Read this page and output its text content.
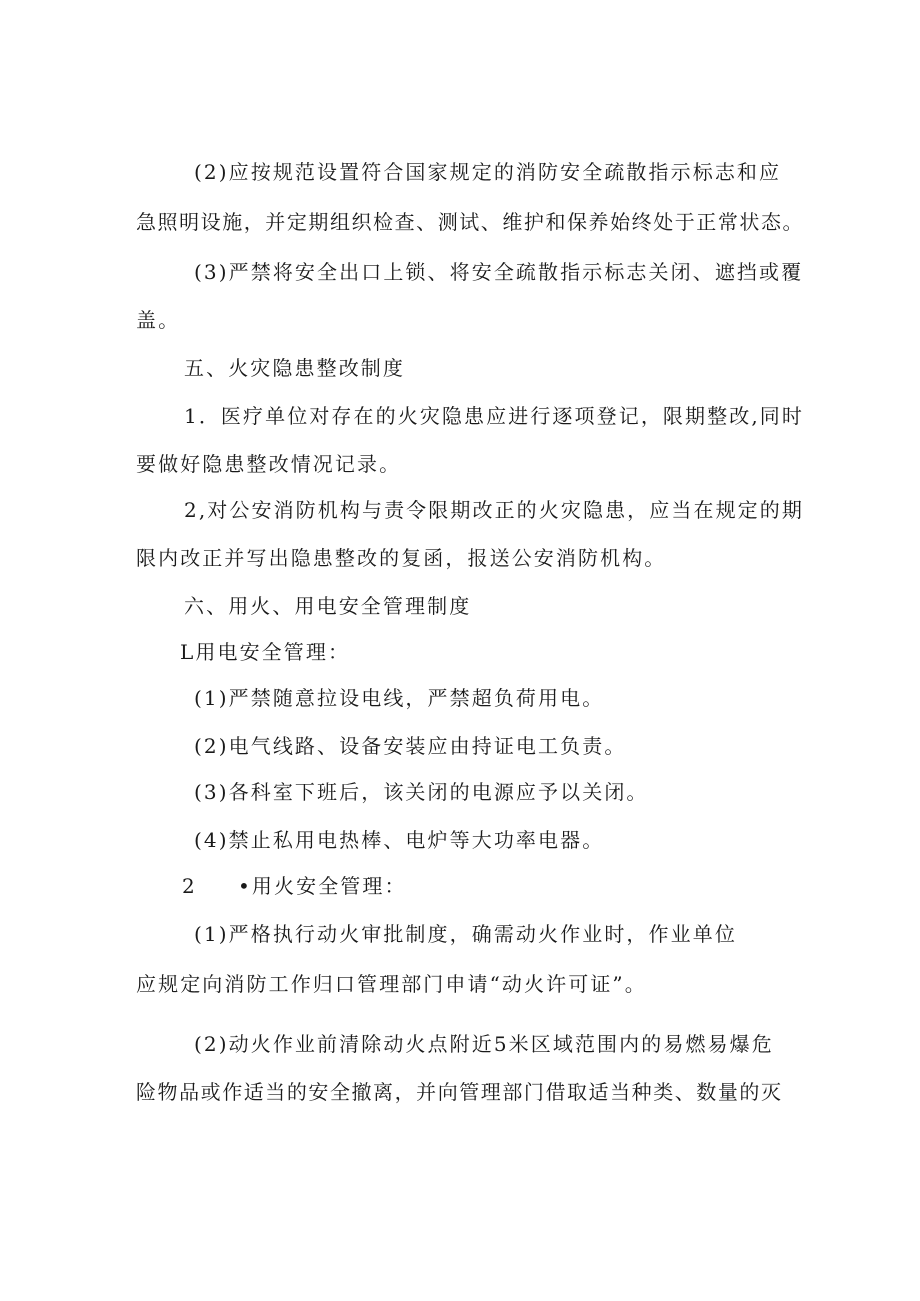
(2)应按规范设置符合国家规定的消防安全疏散指示标志和应
急照明设施，并定期组织检查、测试、维护和保养始终处于正常状态。
(3)严禁将安全出口上锁、将安全疏散指示标志关闭、遮挡或覆
盖。
五、火灾隐患整改制度
1．医疗单位对存在的火灾隐患应进行逐项登记，限期整改,同时
要做好隐患整改情况记录。
2,对公安消防机构与责令限期改正的火灾隐患，应当在规定的期
限内改正并写出隐患整改的复函，报送公安消防机构。
六、用火、用电安全管理制度
L用电安全管理：
(1)严禁随意拉设电线，严禁超负荷用电。
(2)电气线路、设备安装应由持证电工负责。
(3)各科室下班后，该关闭的电源应予以关闭。
(4)禁止私用电热棒、电炉等大功率电器。
2 •用火安全管理：
(1)严格执行动火审批制度，确需动火作业时，作业单位
应规定向消防工作归口管理部门申请“动火许可证”。
(2)动火作业前清除动火点附近5米区域范围内的易燃易爆危
险物品或作适当的安全撤离，并向管理部门借取适当种类、数量的灭
